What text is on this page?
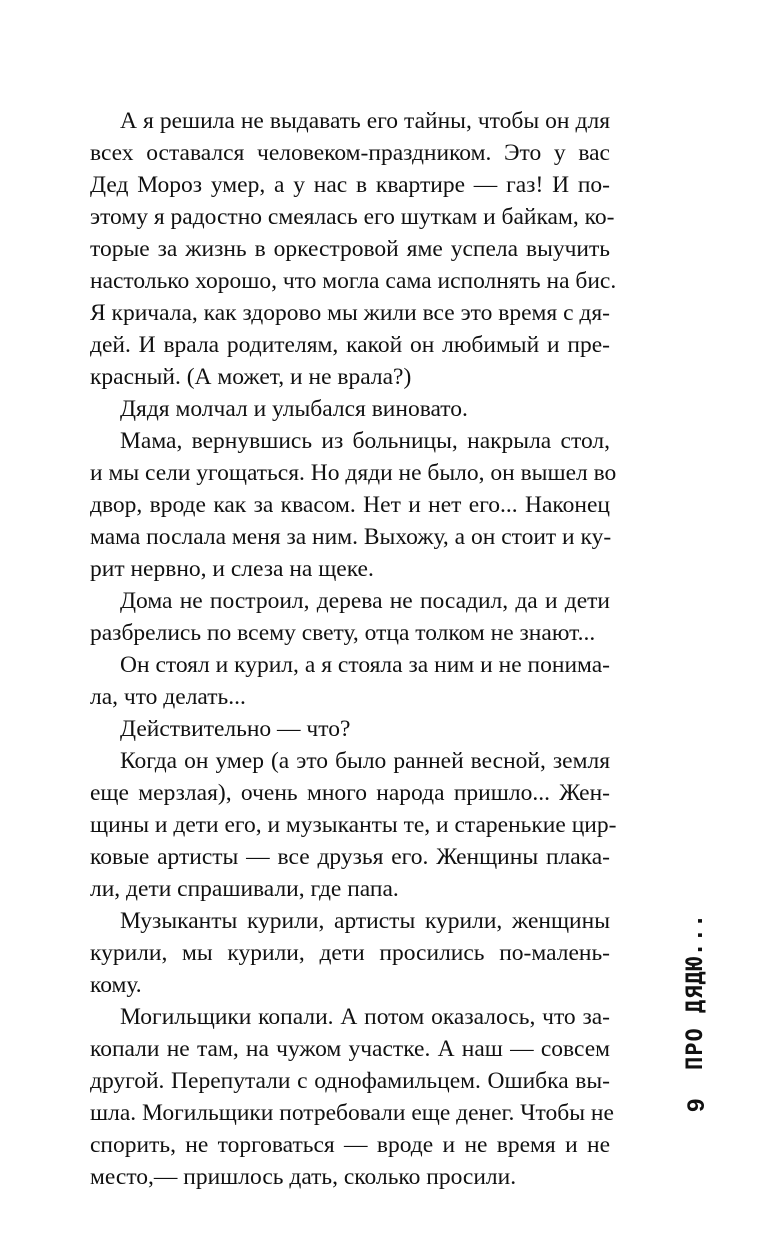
А я решила не выдавать его тайны, чтобы он для
всех оставался человеком-праздником. Это у вас
Дед Мороз умер, а у нас в квартире — газ! И по-
этому я радостно смеялась его шуткам и байкам, ко-
торые за жизнь в оркестровой яме успела выучить
настолько хорошо, что могла сама исполнять на бис.
Я кричала, как здорово мы жили все это время с дя-
дей. И врала родителям, какой он любимый и пре-
красный. (А может, и не врала?)
Дядя молчал и улыбался виновато.
Мама, вернувшись из больницы, накрыла стол,
и мы сели угощаться. Но дяди не было, он вышел во
двор, вроде как за квасом. Нет и нет его... Наконец
мама послала меня за ним. Выхожу, а он стоит и ку-
рит нервно, и слеза на щеке.
Дома не построил, дерева не посадил, да и дети
разбрелись по всему свету, отца толком не знают...
Он стоял и курил, а я стояла за ним и не понима-
ла, что делать...
Действительно — что?
Когда он умер (а это было ранней весной, земля
еще мерзлая), очень много народа пришло... Жен-
щины и дети его, и музыканты те, и старенькие цир-
ковые артисты — все друзья его. Женщины плака-
ли, дети спрашивали, где папа.
Музыканты курили, артисты курили, женщины
курили, мы курили, дети просились по-малень-
кому.
Могильщики копали. А потом оказалось, что за-
копали не там, на чужом участке. А наш — совсем
другой. Перепутали с однофамильцем. Ошибка вы-
шла. Могильщики потребовали еще денег. Чтобы не
спорить, не торговаться — вроде и не время и не
место,— пришлось дать, сколько просили.
ПРО ДЯДЮ...
9
